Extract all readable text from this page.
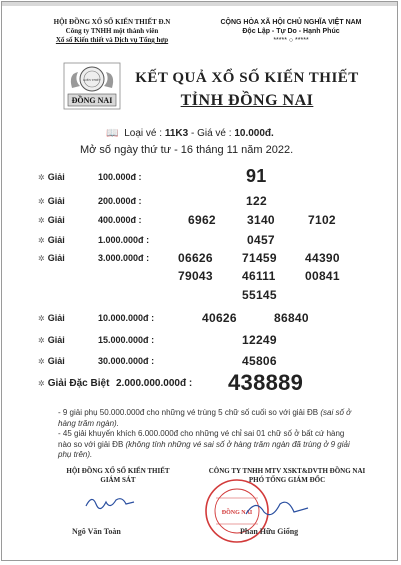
HỘI ĐỒNG XỔ SỐ KIẾN THIẾT Đ.N
Công ty TNHH một thành viên
Xổ số Kiến thiết và Dịch vụ Tổng hợp
CỘNG HÒA XÃ HỘI CHỦ NGHĨA VIỆT NAM
Độc Lập - Tự Do - Hạnh Phúc
***** ○ *****
KIẾN THIẾT
ĐỒNG NAI
KẾT QUẢ XỔ SỐ KIẾN THIẾT
TỈNH ĐỒNG NAI
📖 Loại vé : 11K3 - Giá vé : 10.000đ.
Mở số ngày thứ tư - 16 tháng 11 năm 2022.
✲ Giải	100.000đ :	91
✲ Giải	200.000đ :	122
✲ Giải	400.000đ :	6962	3140	7102
✲ Giải	1.000.000đ :	0457
✲ Giải	3.000.000đ : 06626 71459 44390
79043 46111 00841
55145
✲ Giải	10.000.000đ :	40626	86840
✲ Giải	15.000.000đ :	12249
✲ Giải	30.000.000đ :	45806
✲ Giải Đặc Biệt 2.000.000.000đ : 438889
- 9 giải phụ 50.000.000đ cho những vé trùng 5 chữ số cuối so với giải ĐB (sai số ở hàng trăm ngàn).
- 45 giải khuyến khích 6.000.000đ cho những vé chỉ sai 01 chữ số ở bất cứ hàng nào so với giải ĐB (không tính những vé sai số ở hàng trăm ngàn đã trùng ở 9 giải phụ trên).
HỘI ĐỒNG XỔ SỐ KIẾN THIẾT
GIÁM SÁT
Ngô Văn Toàn
CÔNG TY TNHH MTV XSKT&DVTH ĐỒNG NAI
PHÓ TỔNG GIÁM ĐỐC
ĐỒNG NAI
Phan Hữu Giổng
